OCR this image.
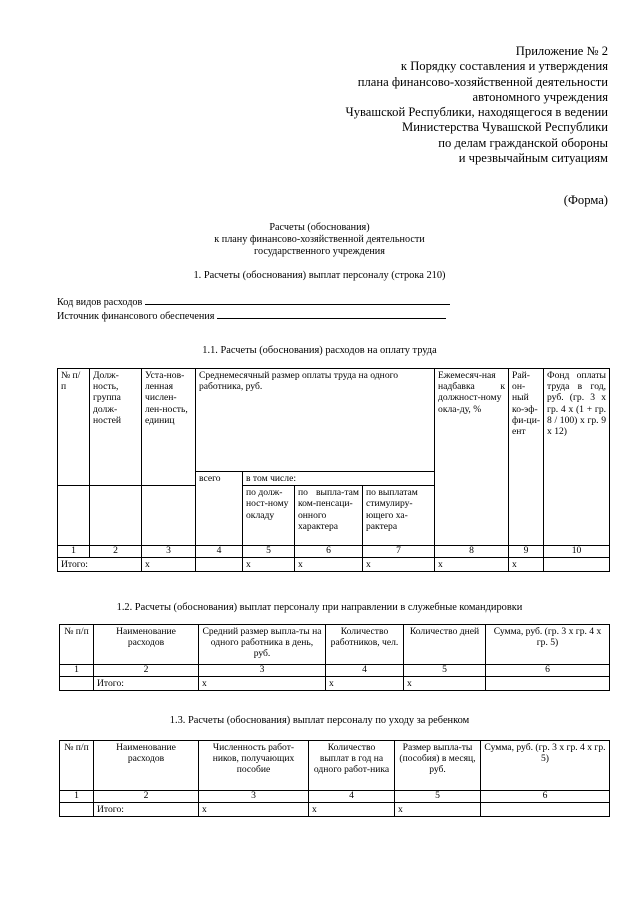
Приложение № 2
к Порядку составления и утверждения
плана финансово-хозяйственной деятельности
автономного учреждения
Чувашской Республики, находящегося в ведении
Министерства Чувашской Республики
по делам гражданской обороны
и чрезвычайным ситуациям
(Форма)
Расчеты (обоснования)
к плану финансово-хозяйственной деятельности
государственного учреждения
1. Расчеты (обоснования) выплат персоналу (строка 210)
Код видов расходов
Источник финансового обеспечения
1.1. Расчеты (обоснования) расходов на оплату труда
№ п/ п	Долж-ность, группа долж-ностей	Уста-нов-ленная числен-лен-ность, единиц	Среднемесячный размер оплаты труда на одного работника, руб.				Ежемесяч-ная надбавка к должност-ному окла-ду, %	Рай-он-ный ко-эф-фи-ци-ент	Фонд оплаты труда в год, руб. (гр. 3 x гр. 4 x (1 + гр. 8 / 100) x гр. 9 x 12)
			всего	в том числе:					
				по долж-ност-ному окладу	по выпла-там ком-пенсаци-онного характера	по выплатам стимулиру-ющего ха-рактера			
1	2	3	4	5	6	7	8	9	10
Итого:		x		x	x	x	x	x	
1.2. Расчеты (обоснования) выплат персоналу при направлении в служебные командировки
№ п/п	Наименование расходов	Средний размер выпла-ты на одного работника в день, руб.	Количество работников, чел.	Количество дней	Сумма, руб. (гр. 3 x гр. 4 x гр. 5)
1	2	3	4	5	6
	Итого:	x	x	x	
1.3. Расчеты (обоснования) выплат персоналу по уходу за ребенком
№ п/п	Наименование расходов	Численность работ-ников, получающих пособие	Количество выплат в год на одного работ-ника	Размер выпла-ты (пособия) в месяц, руб.	Сумма, руб. (гр. 3 x гр. 4 x гр. 5)
1	2	3	4	5	6
	Итого:	x	x	x	
